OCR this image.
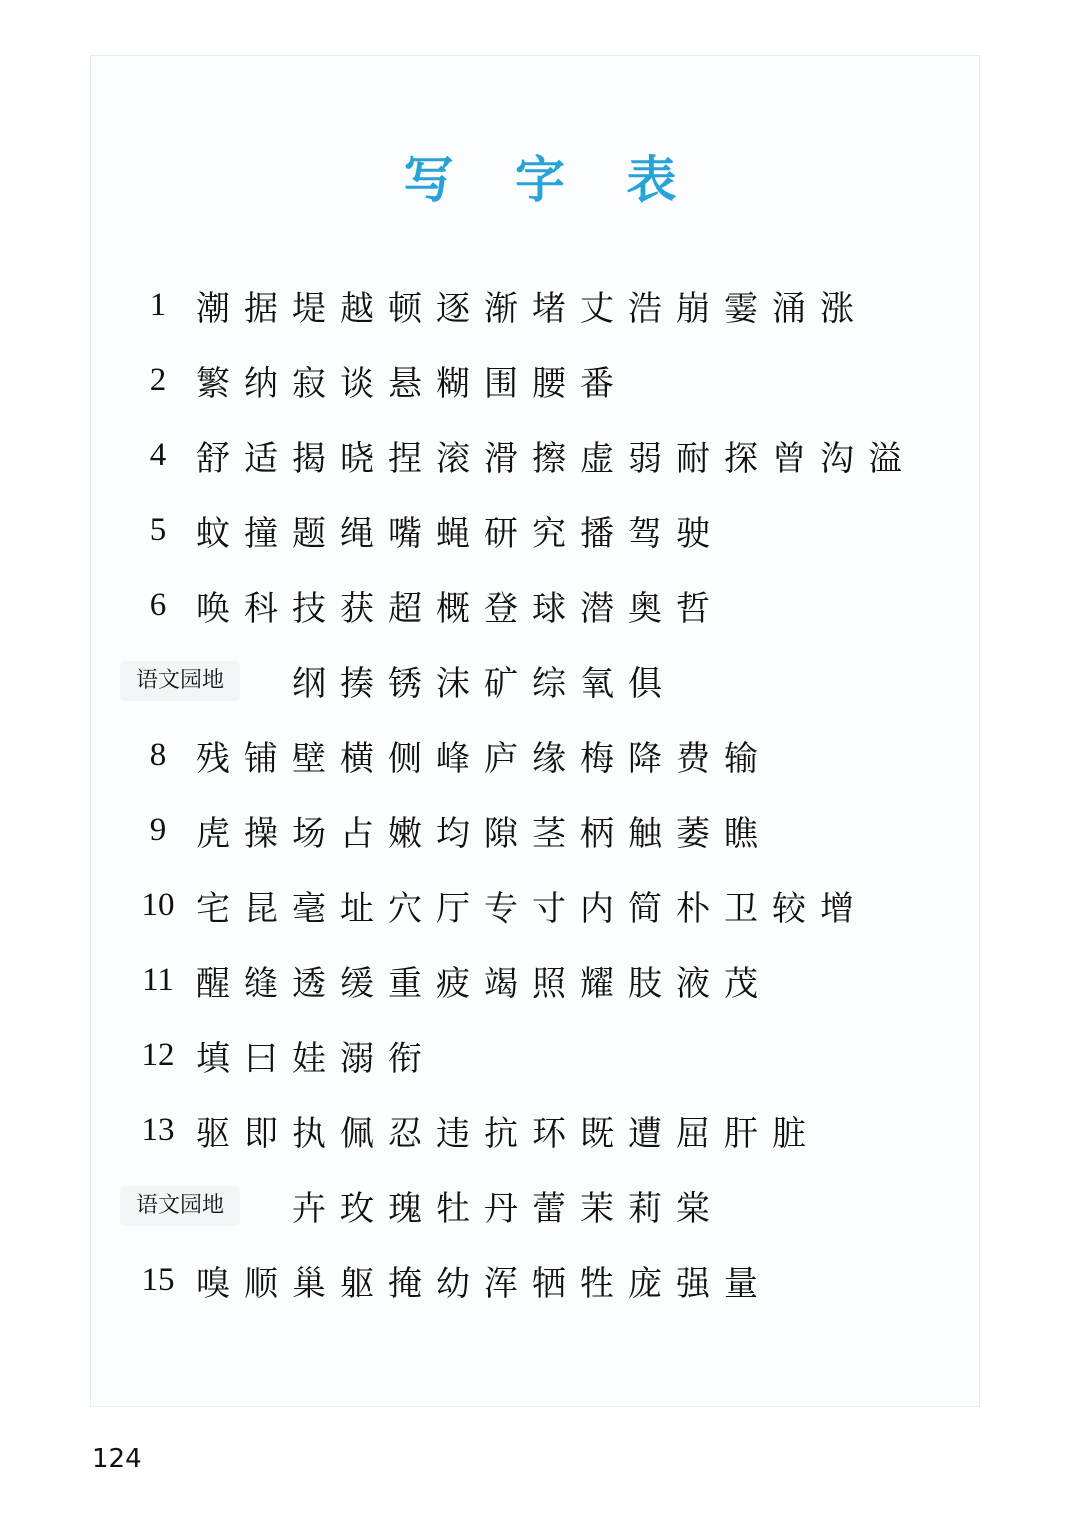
写 字 表
1 潮据堤越顿逐渐堵丈浩崩霎涌涨
2 繁纳寂谈悬糊围腰番
4 舒适揭晓捏滚滑擦虚弱耐探曾沟溢
5 蚊撞题绳嘴蝇研究播驾驶
6 唤科技获超概登球潜奥哲
语文园地	纲揍锈沫矿综氧俱
8 残铺壁横侧峰庐缘梅降费输
9 虎操场占嫩均隙茎柄触萎瞧
10 宅昆毫址穴厅专寸内简朴卫较增
11 醒缝透缓重疲竭照耀肢液茂
12 填曰娃溺衔
13 驱即执佩忍违抗环既遭屈肝脏
语文园地	卉玫瑰牡丹蕾茉莉棠
15 嗅顺巢躯掩幼浑牺牲庞强量
124
